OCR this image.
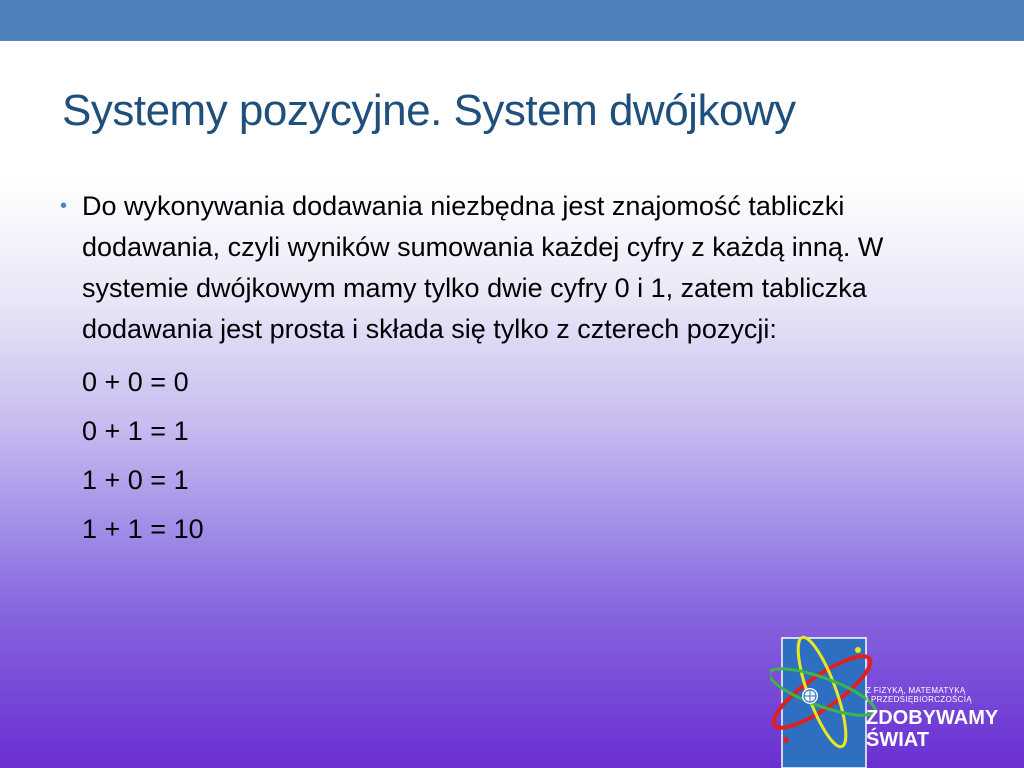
Systemy pozycyjne. System dwójkowy
• Do wykonywania dodawania niezbędna jest znajomość tabliczki dodawania, czyli wyników sumowania każdej cyfry z każdą inną. W systemie dwójkowym mamy tylko dwie cyfry 0 i 1, zatem tabliczka dodawania jest prosta i składa się tylko z czterech pozycji:
0 + 0 = 0
0 + 1 = 1
1 + 0 = 1
1 + 1 = 10
Z FIZYKĄ, MATEMATYKĄ
I PRZEDSIĘBIORCZOŚCIĄ
ZDOBYWAMY
ŚWIAT
